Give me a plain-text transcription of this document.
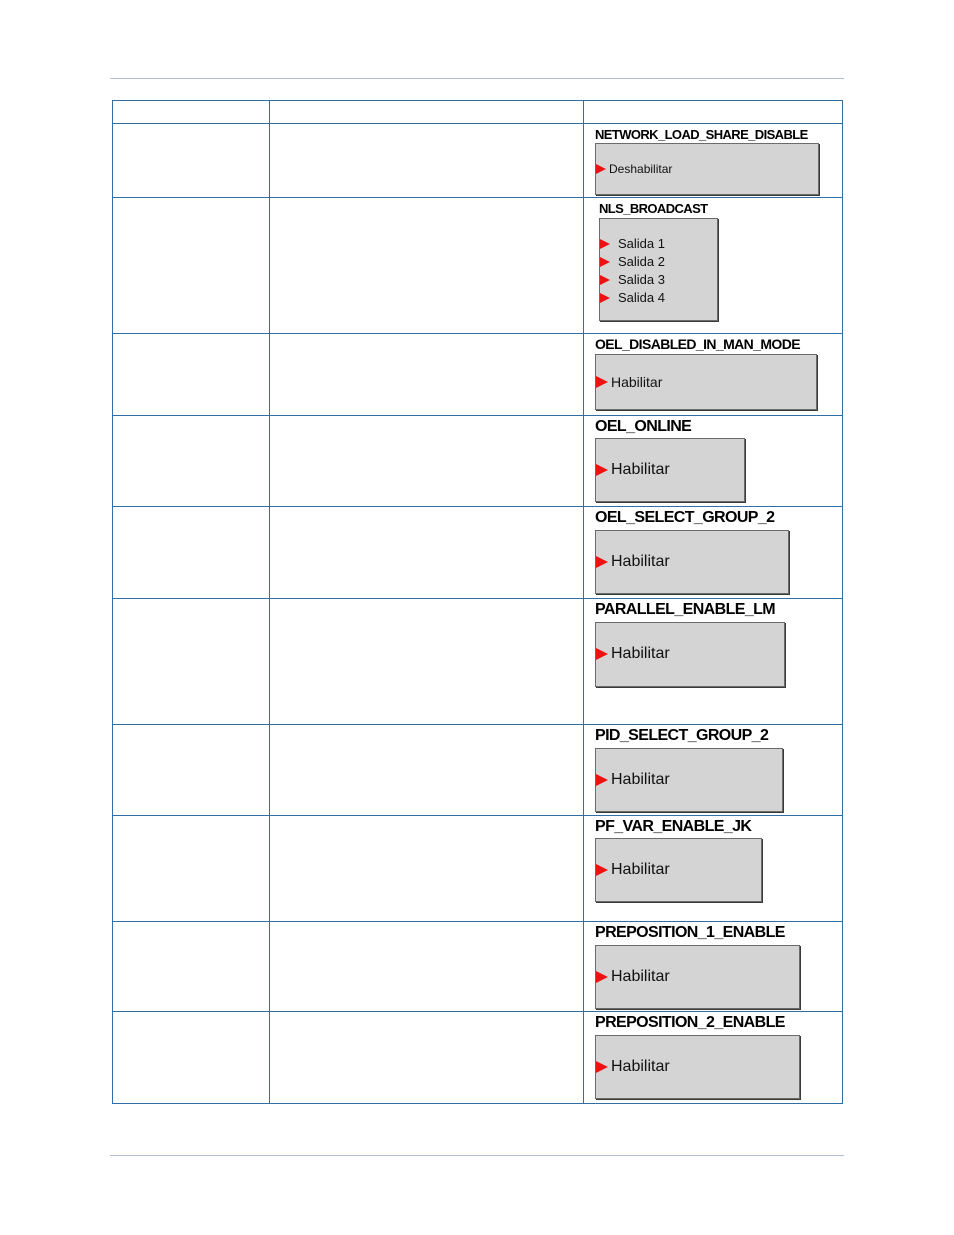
		NETWORK_LOAD_SHARE_DISABLE
Deshabilitar

		NLS_BROADCAST
Salida 1
Salida 2
Salida 3
Salida 4

		OEL_DISABLED_IN_MAN_MODE
Habilitar

		OEL_ONLINE
Habilitar

		OEL_SELECT_GROUP_2
Habilitar

		PARALLEL_ENABLE_LM
Habilitar

		PID_SELECT_GROUP_2
Habilitar

		PF_VAR_ENABLE_JK
Habilitar

		PREPOSITION_1_ENABLE
Habilitar

		PREPOSITION_2_ENABLE
Habilitar
